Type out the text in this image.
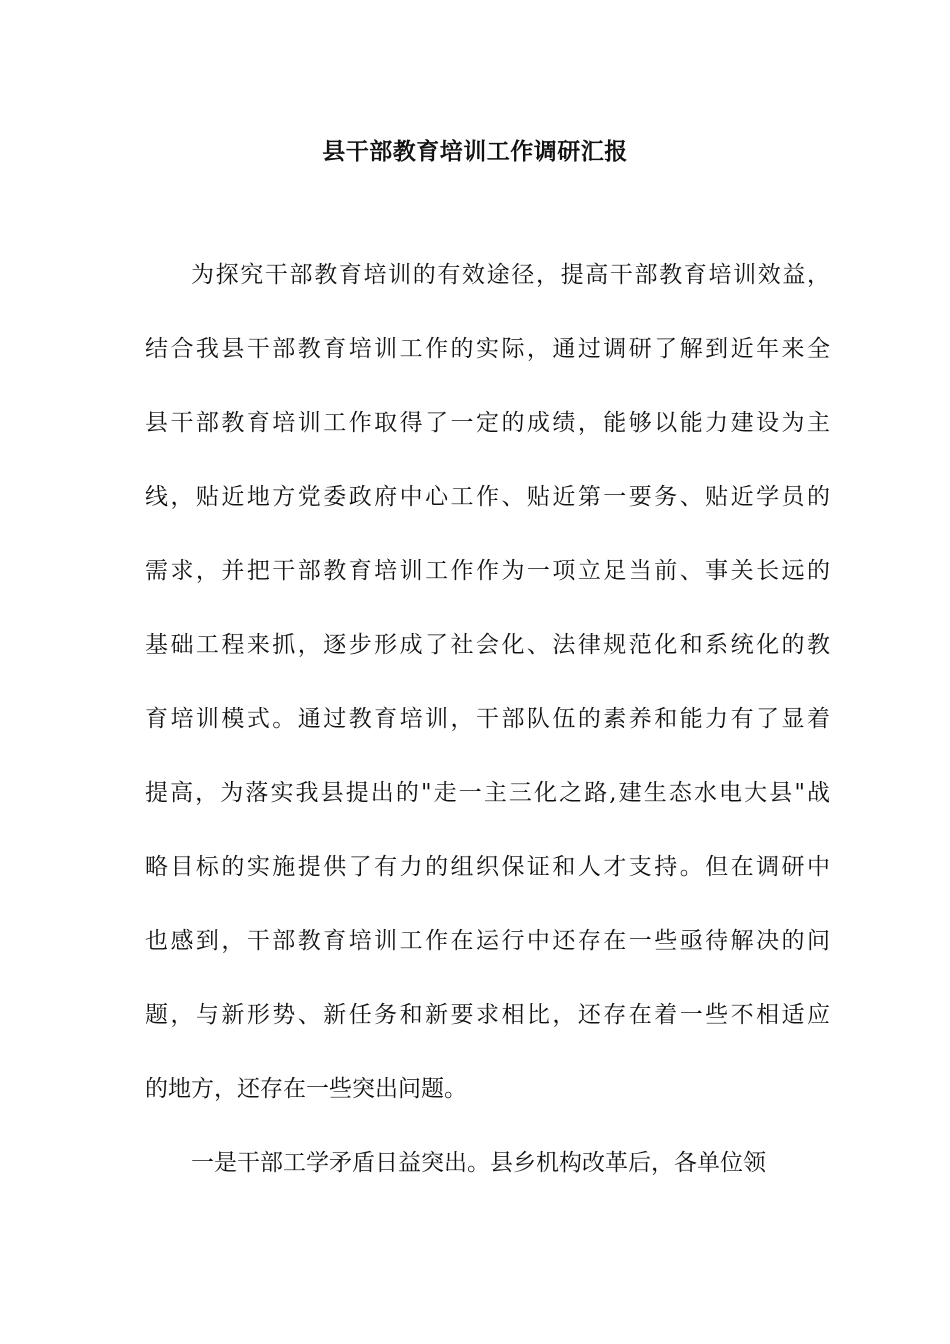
县干部教育培训工作调研汇报
为探究干部教育培训的有效途径，提高干部教育培训效益，
结合我县干部教育培训工作的实际，通过调研了解到近年来全
县干部教育培训工作取得了一定的成绩，能够以能力建设为主
线，贴近地方党委政府中心工作、贴近第一要务、贴近学员的
需求，并把干部教育培训工作作为一项立足当前、事关长远的
基础工程来抓，逐步形成了社会化、法律规范化和系统化的教
育培训模式。通过教育培训，干部队伍的素养和能力有了显着
提高，为落实我县提出的"走一主三化之路,建生态水电大县"战
略目标的实施提供了有力的组织保证和人才支持。但在调研中
也感到，干部教育培训工作在运行中还存在一些亟待解决的问
题，与新形势、新任务和新要求相比，还存在着一些不相适应
的地方，还存在一些突出问题。
一是干部工学矛盾日益突出。县乡机构改革后，各单位领
